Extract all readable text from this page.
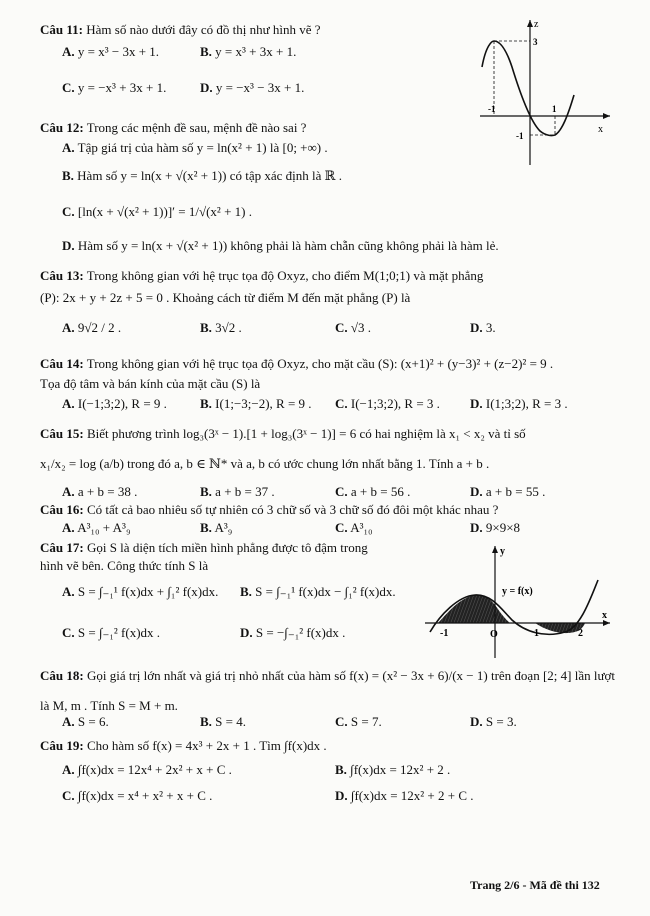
Câu 11: Hàm số nào dưới đây có đồ thị như hình vẽ ?
A. y = x³ − 3x + 1.	B. y = x³ + 3x + 1.
C. y = −x³ + 3x + 1.	D. y = −x³ − 3x + 1.
z
x
3
-1	1
-1
Câu 12: Trong các mệnh đề sau, mệnh đề nào sai ?
A. Tập giá trị của hàm số y = ln(x² + 1) là [0; +∞) .
B. Hàm số y = ln(x + √(x² + 1)) có tập xác định là ℝ .
C. [ln(x + √(x² + 1))]′ = 1/√(x² + 1) .
D. Hàm số y = ln(x + √(x² + 1)) không phải là hàm chẵn cũng không phải là hàm lẻ.
Câu 13: Trong không gian với hệ trục tọa độ Oxyz, cho điểm M(1;0;1) và mặt phẳng
(P): 2x + y + 2z + 5 = 0 . Khoảng cách từ điểm M đến mặt phẳng (P) là
A. 9√2 / 2 .	B. 3√2 .	C. √3 .	D. 3.
Câu 14: Trong không gian với hệ trục tọa độ Oxyz, cho mặt cầu (S): (x+1)² + (y−3)² + (z−2)² = 9 .
Tọa độ tâm và bán kính của mặt cầu (S) là
A. I(−1;3;2), R = 9 .	B. I(1;−3;−2), R = 9 . C. I(−1;3;2), R = 3 . D. I(1;3;2), R = 3 .
Câu 15: Biết phương trình log₃(3ˣ − 1).[1 + log₃(3ˣ − 1)] = 6 có hai nghiệm là x₁ < x₂ và tỉ số
x₁/x₂ = log (a/b) trong đó a, b ∈ ℕ* và a, b có ước chung lớn nhất bằng 1. Tính a + b .
A. a + b = 38 .	B. a + b = 37 .	C. a + b = 56 .	D. a + b = 55 .
Câu 16: Có tất cả bao nhiêu số tự nhiên có 3 chữ số và 3 chữ số đó đôi một khác nhau ?
A. A³₁₀ + A³₉	B. A³₉	C. A³₁₀	D. 9×9×8
Câu 17: Gọi S là diện tích miền hình phẳng được tô đậm trong
hình vẽ bên. Công thức tính S là
A. S = ∫₋₁¹ f(x)dx + ∫₁² f(x)dx. B. S = ∫₋₁¹ f(x)dx − ∫₁² f(x)dx.
C. S = ∫₋₁² f(x)dx .	D. S = −∫₋₁² f(x)dx .
y
x
y = f(x)
-1	O	1	2
Câu 18: Gọi giá trị lớn nhất và giá trị nhỏ nhất của hàm số f(x) = (x² − 3x + 6)/(x − 1) trên đoạn [2; 4] lần lượt
là M, m . Tính S = M + m.
A. S = 6.	B. S = 4.	C. S = 7.	D. S = 3.
Câu 19: Cho hàm số f(x) = 4x³ + 2x + 1 . Tìm ∫f(x)dx .
A. ∫f(x)dx = 12x⁴ + 2x² + x + C .	B. ∫f(x)dx = 12x² + 2 .
C. ∫f(x)dx = x⁴ + x² + x + C .	D. ∫f(x)dx = 12x² + 2 + C .
Trang 2/6 - Mã đề thi 132
